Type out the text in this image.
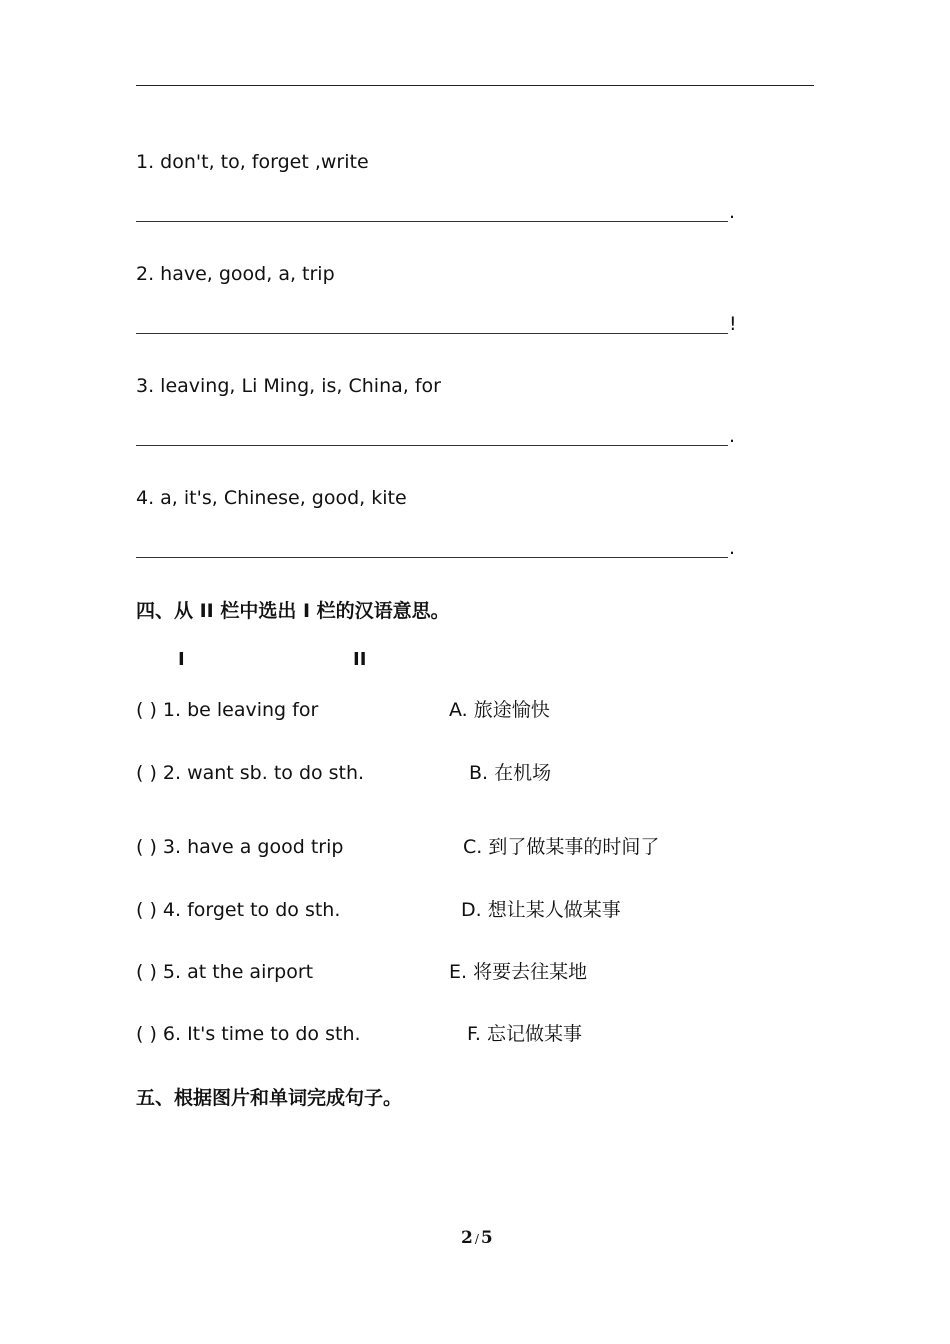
1. don't, to, forget ,write
.
2. have, good, a, trip
!
3. leaving, Li Ming, is, China, for
.
4. a, it's, Chinese, good, kite
.
四、从 II 栏中选出 I 栏的汉语意思。
I	II
( ) 1. be leaving for
( ) 2. want sb. to do sth.
( ) 3. have a good trip
( ) 4. forget to do sth.
( ) 5. at the airport
( ) 6. It's time to do sth.
A. 旅途愉快
B. 在机场
C. 到了做某事的时间了
D. 想让某人做某事
E. 将要去往某地
F. 忘记做某事
五、根据图片和单词完成句子。
2 / 5
